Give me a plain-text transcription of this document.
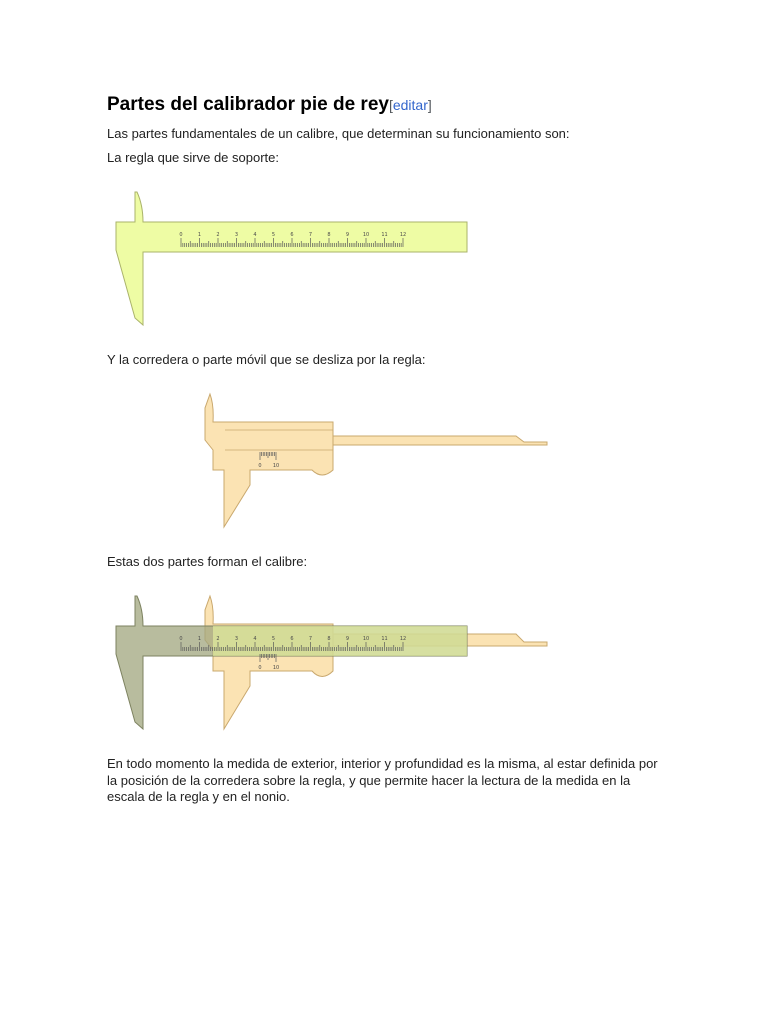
Partes del calibrador pie de rey[editar]

Las partes fundamentales de un calibre, que determinan su funcionamiento son:

La regla que sirve de soporte:

0	1	2	3	4	5	6	7	8	9	10 11 12
0 10
0	1	2	3	4	5	6	7	8	9	10 11 12
0 10

Y la corredera o parte móvil que se desliza por la regla:

Estas dos partes forman el calibre:

En todo momento la medida de exterior, interior y profundidad es la misma, al estar definida por la posición de la corredera sobre la regla, y que permite hacer la lectura de la medida en la escala de la regla y en el nonio.
